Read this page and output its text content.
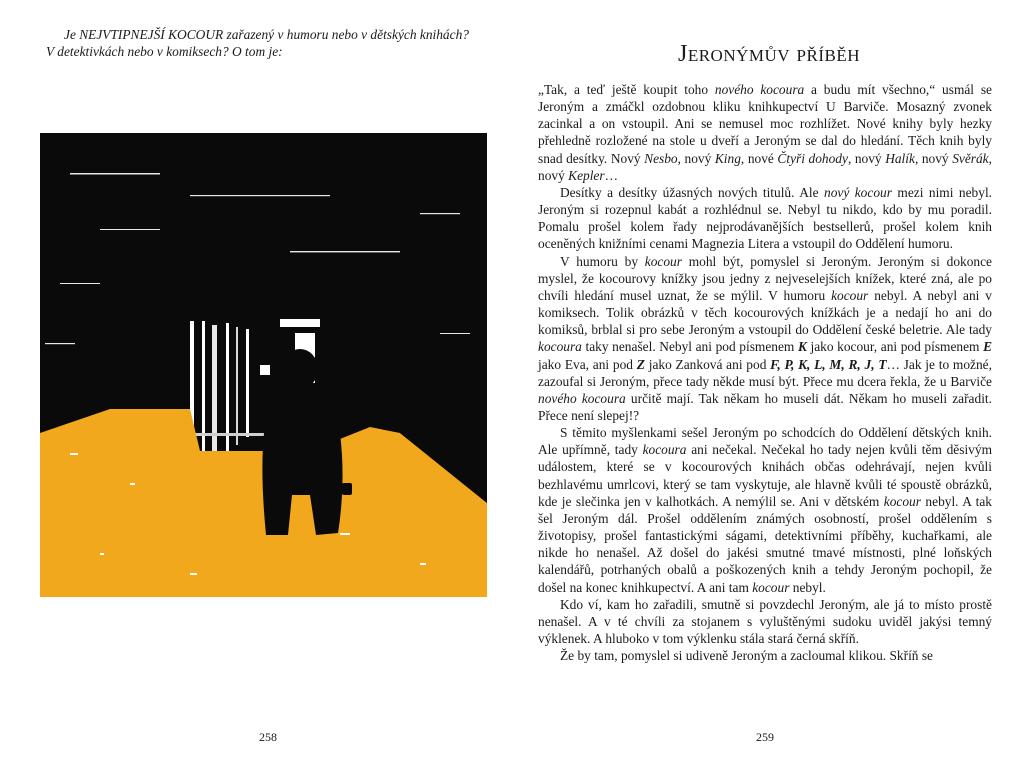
Je NEJVTIPNEJŠÍ KOCOUR zařazený v humoru nebo v dětských knihách?
V detektivkách nebo v komiksech? O tom je:

258
Jeronýmův příběh

„Tak, a teď ještě koupit toho nového kocoura a budu mít všechno,“ usmál se Jeroným a zmáčkl ozdobnou kliku knihkupectví U Barviče. Mosazný zvonek zacinkal a on vstoupil. Ani se nemusel moc rozhlížet. Nové knihy byly hezky přehledně rozložené na stole u dveří a Jeroným se dal do hledání. Těch knih byly snad desítky. Nový Nesbo, nový King, nové Čtyři dohody, nový Halík, nový Svěrák, nový Kepler…

Desítky a desítky úžasných nových titulů. Ale nový kocour mezi nimi nebyl. Jeroným si rozepnul kabát a rozhlédnul se. Nebyl tu nikdo, kdo by mu poradil. Pomalu prošel kolem řady nejprodávanějších bestsellerů, prošel kolem knih oceněných knižními cenami Magnezia Litera a vstoupil do Oddělení humoru.

V humoru by kocour mohl být, pomyslel si Jeroným. Jeroným si dokonce myslel, že kocourovy knížky jsou jedny z nejveselejších knížek, které zná, ale po chvíli hledání musel uznat, že se mýlil. V humoru kocour nebyl. A nebyl ani v komiksech. Tolik obrázků v těch kocourových knížkách je a nedají ho ani do komiksů, brblal si pro sebe Jeroným a vstoupil do Oddělení české beletrie. Ale tady kocoura taky nenašel. Nebyl ani pod písmenem K jako kocour, ani pod písmenem E jako Eva, ani pod Z jako Zanková ani pod F, P, K, L, M, R, J, T… Jak je to možné, zazoufal si Jeroným, přece tady někde musí být. Přece mu dcera řekla, že u Barviče nového kocoura určitě mají. Tak někam ho museli dát. Někam ho museli zařadit. Přece není slepej!?

S těmito myšlenkami sešel Jeroným po schodcích do Oddělení dětských knih. Ale upřímně, tady kocoura ani nečekal. Nečekal ho tady nejen kvůli těm děsivým událostem, které se v kocourových knihách občas odehrávají, nejen kvůli bezhlavému umrlcovi, který se tam vyskytuje, ale hlavně kvůli té spoustě obrázků, kde je slečinka jen v kalhotkách. A nemýlil se. Ani v dětském kocour nebyl. A tak šel Jeroným dál. Prošel oddělením známých osobností, prošel oddělením s životopisy, prošel fantastickými ságami, detektivními příběhy, kuchařkami, ale nikde ho nenašel. Až došel do jakési smutné tmavé místnosti, plné loňských kalendářů, potrhaných obalů a poškozených knih a tehdy Jeroným pochopil, že došel na konec knihkupectví. A ani tam kocour nebyl.

Kdo ví, kam ho zařadili, smutně si povzdechl Jeroným, ale já to místo prostě nenašel. A v té chvíli za stojanem s vyluštěnými sudoku uviděl jakýsi temný výklenek. A hluboko v tom výklenku stála stará černá skříň.

Že by tam, pomyslel si udiveně Jeroným a zacloumal klikou. Skříň se

259
